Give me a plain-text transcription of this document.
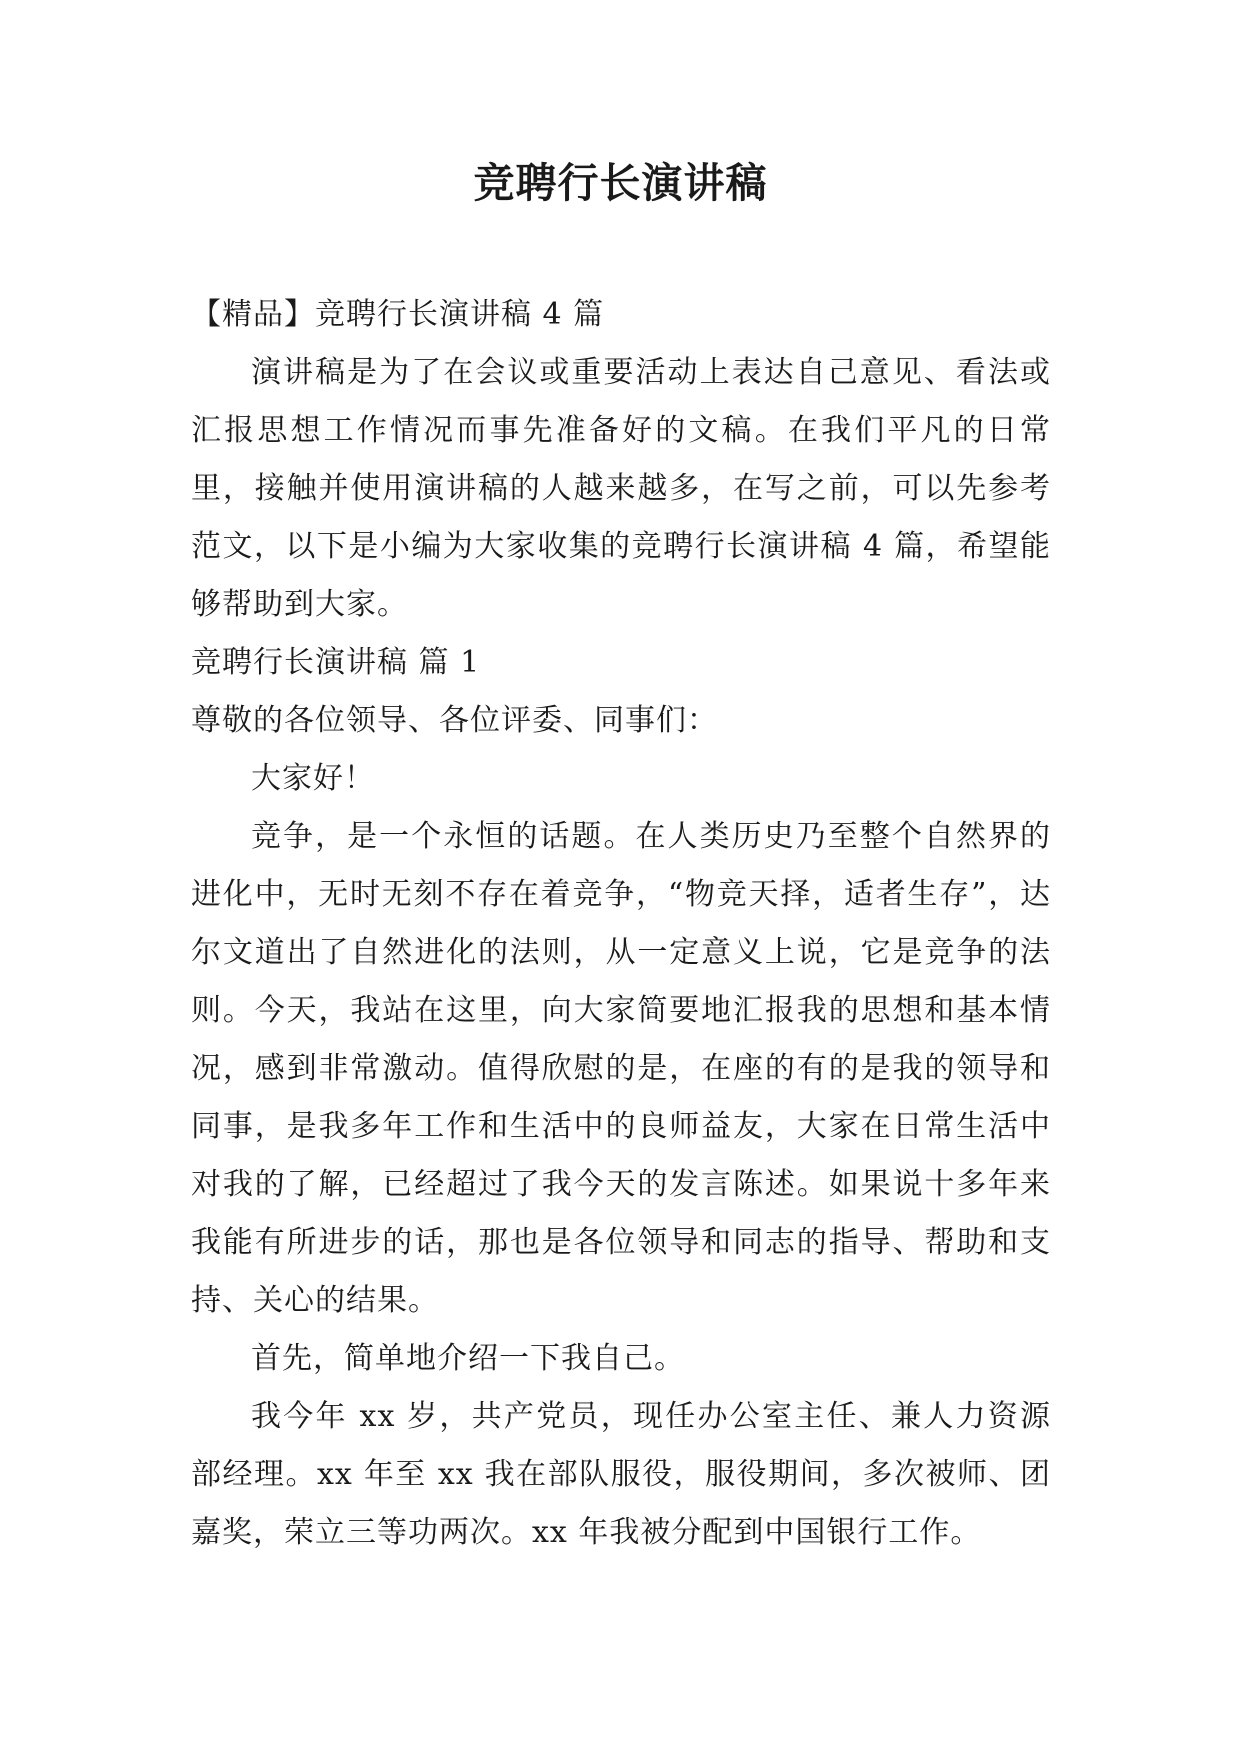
竞聘行长演讲稿

【精品】竞聘行长演讲稿 4 篇

演讲稿是为了在会议或重要活动上表达自己意见、看法或汇报思想工作情况而事先准备好的文稿。在我们平凡的日常里，接触并使用演讲稿的人越来越多，在写之前，可以先参考范文，以下是小编为大家收集的竞聘行长演讲稿 4 篇，希望能够帮助到大家。

竞聘行长演讲稿 篇 1

尊敬的各位领导、各位评委、同事们：

大家好！

竞争，是一个永恒的话题。在人类历史乃至整个自然界的进化中，无时无刻不存在着竞争，“物竞天择，适者生存”，达尔文道出了自然进化的法则，从一定意义上说，它是竞争的法则。今天，我站在这里，向大家简要地汇报我的思想和基本情况，感到非常激动。值得欣慰的是，在座的有的是我的领导和同事，是我多年工作和生活中的良师益友，大家在日常生活中对我的了解，已经超过了我今天的发言陈述。如果说十多年来我能有所进步的话，那也是各位领导和同志的指导、帮助和支持、关心的结果。

首先，简单地介绍一下我自己。

我今年 xx 岁，共产党员，现任办公室主任、兼人力资源部经理。xx 年至 xx 我在部队服役，服役期间，多次被师、团嘉奖，荣立三等功两次。xx 年我被分配到中国银行工作。
